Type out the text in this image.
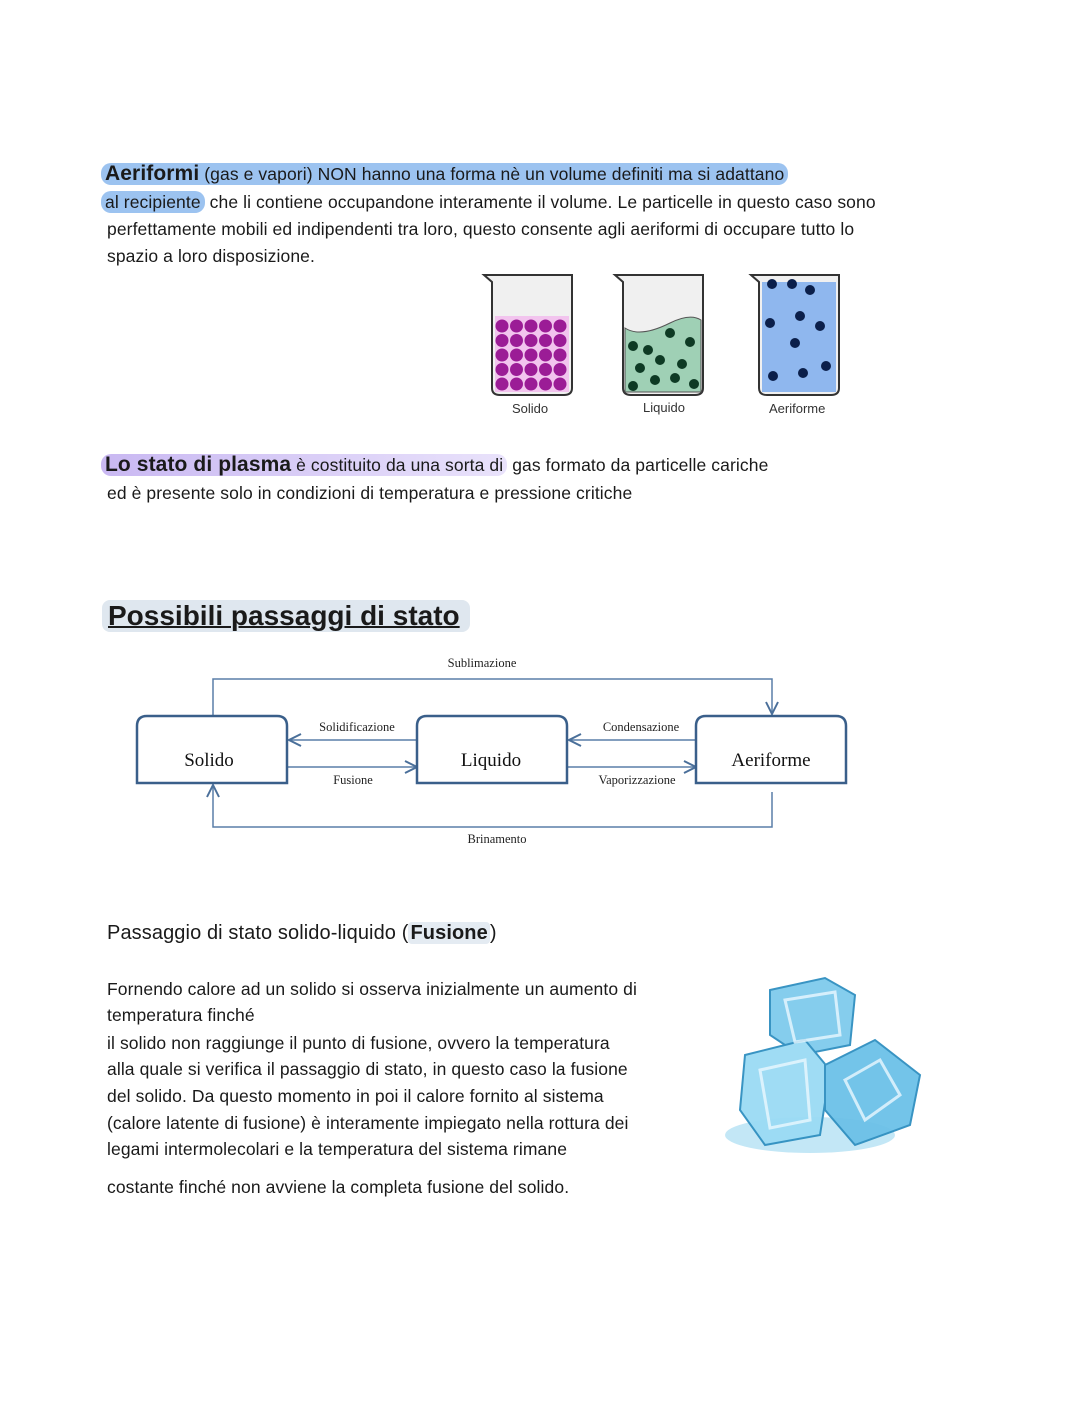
Aeriformi (gas e vapori) NON hanno una forma nè un volume definiti ma si adattano
al recipiente che li contiene occupandone interamente il volume. Le particelle in questo caso sono
perfettamente mobili ed indipendenti tra loro, questo consente agli aeriformi di occupare tutto lo
spazio a loro disposizione.
Solido	Liquido	Aeriforme
Lo stato di plasma è costituito da una sorta di gas formato da particelle cariche
ed è presente solo in condizioni di temperatura e pressione critiche
Possibili passaggi di stato
Solido	Liquido	Aeriforme
Sublimazione
Solidificazione
Fusione
Condensazione
Vaporizzazione
Brinamento
Passaggio di stato solido-liquido ( Fusione )
Fornendo calore ad un solido si osserva inizialmente un aumento di
temperatura finché
il solido non raggiunge il punto di fusione, ovvero la temperatura
alla quale si verifica il passaggio di stato, in questo caso la fusione
del solido. Da questo momento in poi il calore fornito al sistema
(calore latente di fusione) è interamente impiegato nella rottura dei
legami intermolecolari e la temperatura del sistema rimane
costante finché non avviene la completa fusione del solido.
